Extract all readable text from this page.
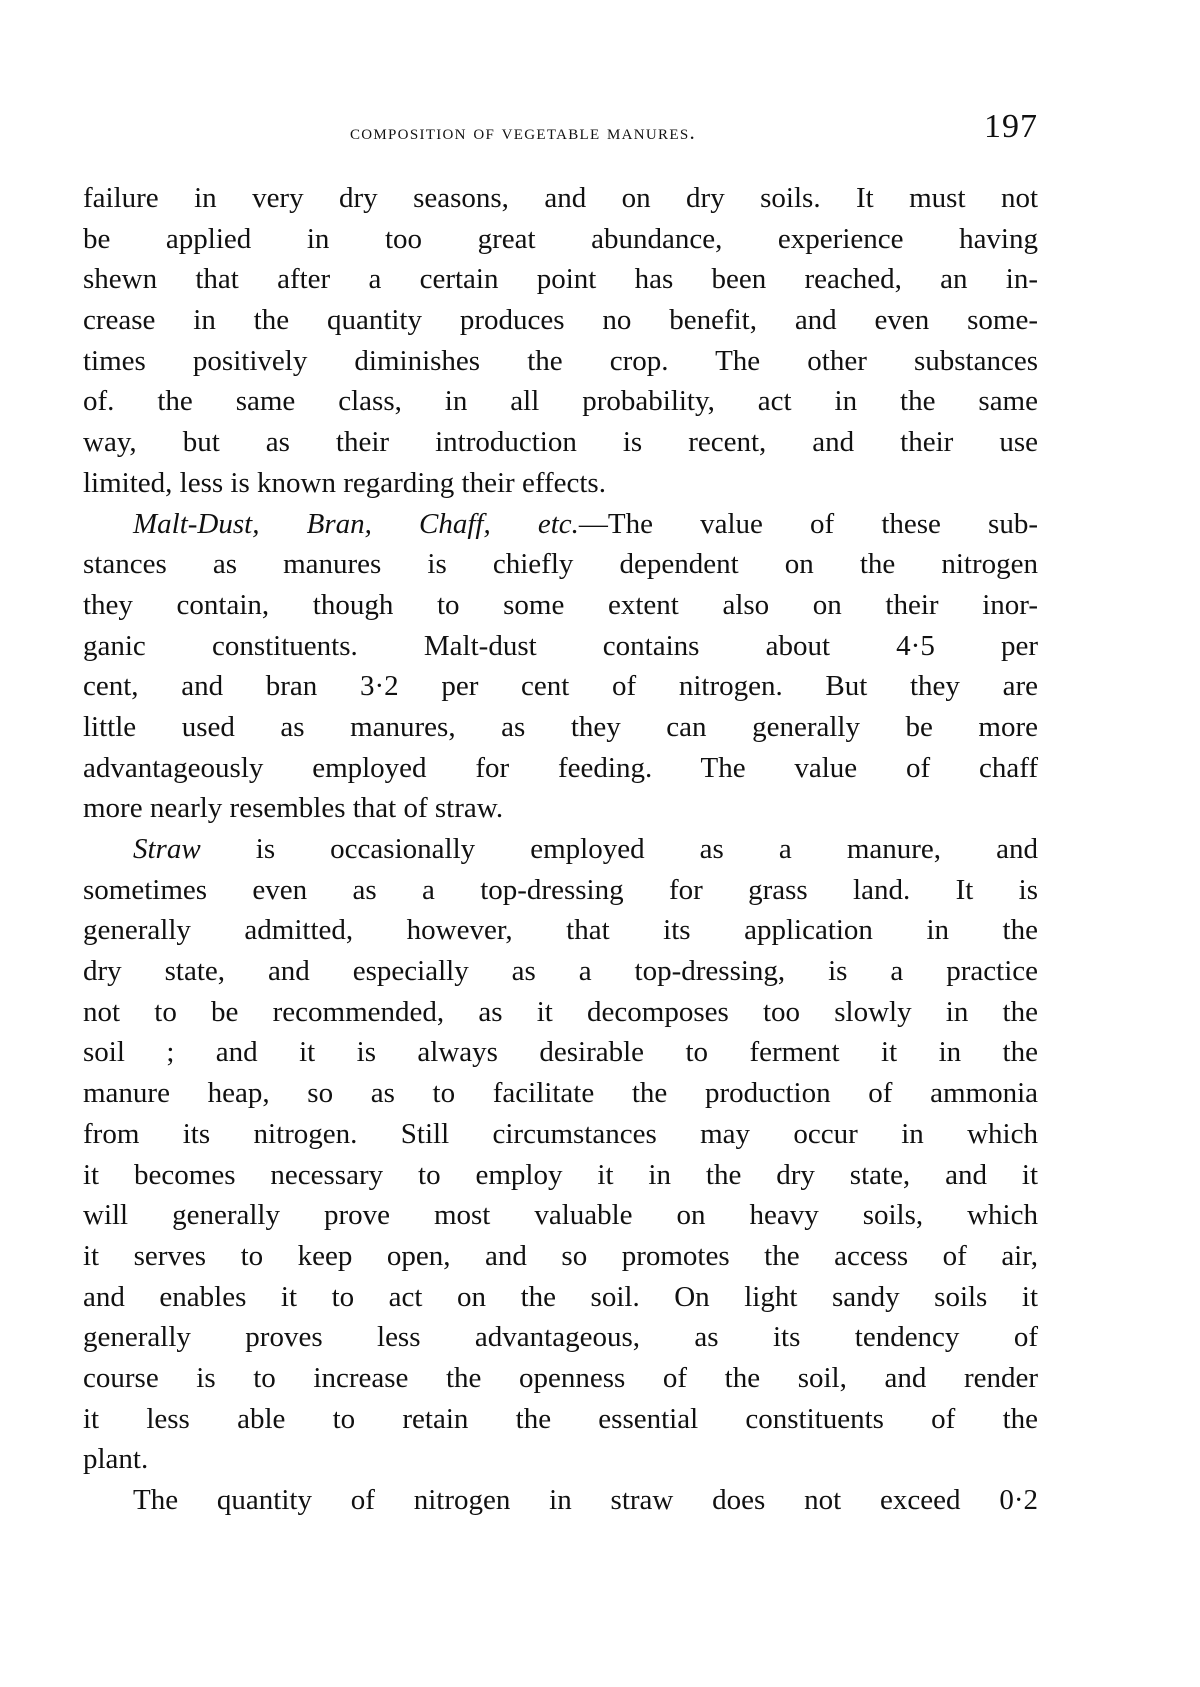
composition of vegetable manures.	197
failure in very dry seasons, and on dry soils. It must not
be applied in too great abundance, experience having
shewn that after a certain point has been reached, an in-
crease in the quantity produces no benefit, and even some-
times positively diminishes the crop. The other substances
of. the same class, in all probability, act in the same
way, but as their introduction is recent, and their use
limited, less is known regarding their effects.
Malt-Dust, Bran, Chaff, etc.—The value of these sub-
stances as manures is chiefly dependent on the nitrogen
they contain, though to some extent also on their inor-
ganic constituents. Malt-dust contains about 4·5 per
cent, and bran 3·2 per cent of nitrogen. But they are
little used as manures, as they can generally be more
advantageously employed for feeding. The value of chaff
more nearly resembles that of straw.
Straw is occasionally employed as a manure, and
sometimes even as a top-dressing for grass land. It is
generally admitted, however, that its application in the
dry state, and especially as a top-dressing, is a practice
not to be recommended, as it decomposes too slowly in the
soil ; and it is always desirable to ferment it in the
manure heap, so as to facilitate the production of ammonia
from its nitrogen. Still circumstances may occur in which
it becomes necessary to employ it in the dry state, and it
will generally prove most valuable on heavy soils, which
it serves to keep open, and so promotes the access of air,
and enables it to act on the soil. On light sandy soils it
generally proves less advantageous, as its tendency of
course is to increase the openness of the soil, and render
it less able to retain the essential constituents of the
plant.
The quantity of nitrogen in straw does not exceed 0·2
